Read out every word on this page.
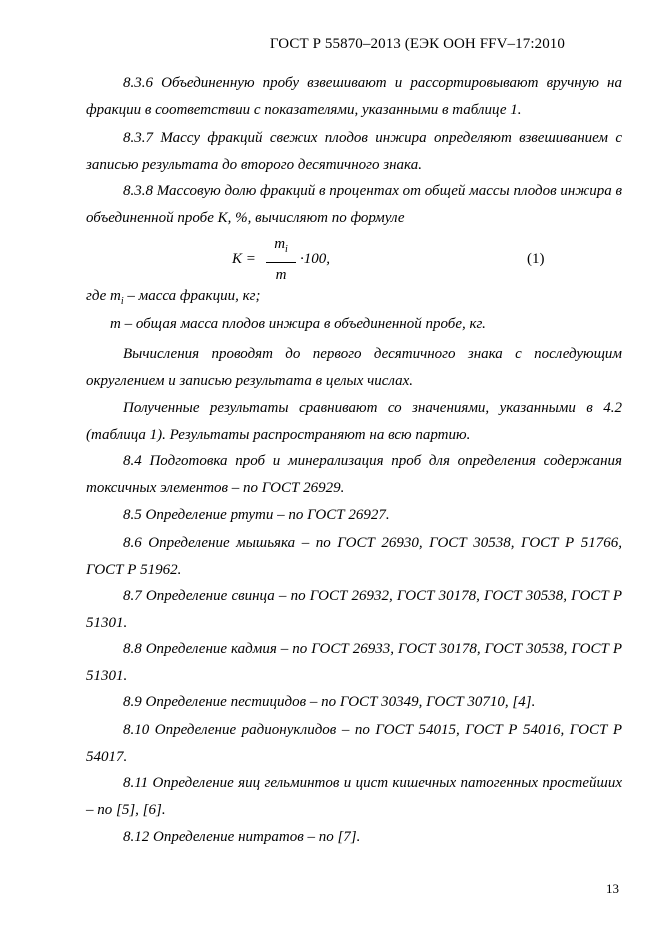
ГОСТ Р 55870–2013 (ЕЭК ООН FFV–17:2010

8.3.6 Объединенную пробу взвешивают и рассортировывают вручную на фракции в соответствии с показателями, указанными в таблице 1.

8.3.7 Массу фракций свежих плодов инжира определяют взвешиванием с записью результата до второго десятичного знака.

8.3.8 Массовую долю фракций в процентах от общей массы плодов инжира в объединенной пробе К, %, вычисляют по формуле

К =
$m_i$
m
·100,	(1)
где $m_i$ – масса фракции, кг;
m – общая масса плодов инжира в объединенной пробе, кг.

Вычисления проводят до первого десятичного знака с последующим округлением и записью результата в целых числах.

Полученные результаты сравнивают со значениями, указанными в 4.2 (таблица 1). Результаты распространяют на всю партию.

8.4 Подготовка проб и минерализация проб для определения содержания токсичных элементов – по ГОСТ 26929.

8.5 Определение ртути – по ГОСТ 26927.

8.6 Определение мышьяка – по ГОСТ 26930, ГОСТ 30538, ГОСТ Р 51766, ГОСТ Р 51962.

8.7 Определение свинца – по ГОСТ 26932, ГОСТ 30178, ГОСТ 30538, ГОСТ Р 51301.

8.8 Определение кадмия – по ГОСТ 26933, ГОСТ 30178, ГОСТ 30538, ГОСТ Р 51301.

8.9 Определение пестицидов – по ГОСТ 30349, ГОСТ 30710, [4].

8.10 Определение радионуклидов – по ГОСТ 54015, ГОСТ Р 54016, ГОСТ Р 54017.

8.11 Определение яиц гельминтов и цист кишечных патогенных простейших – по [5], [6].

8.12 Определение нитратов – по [7].

13
